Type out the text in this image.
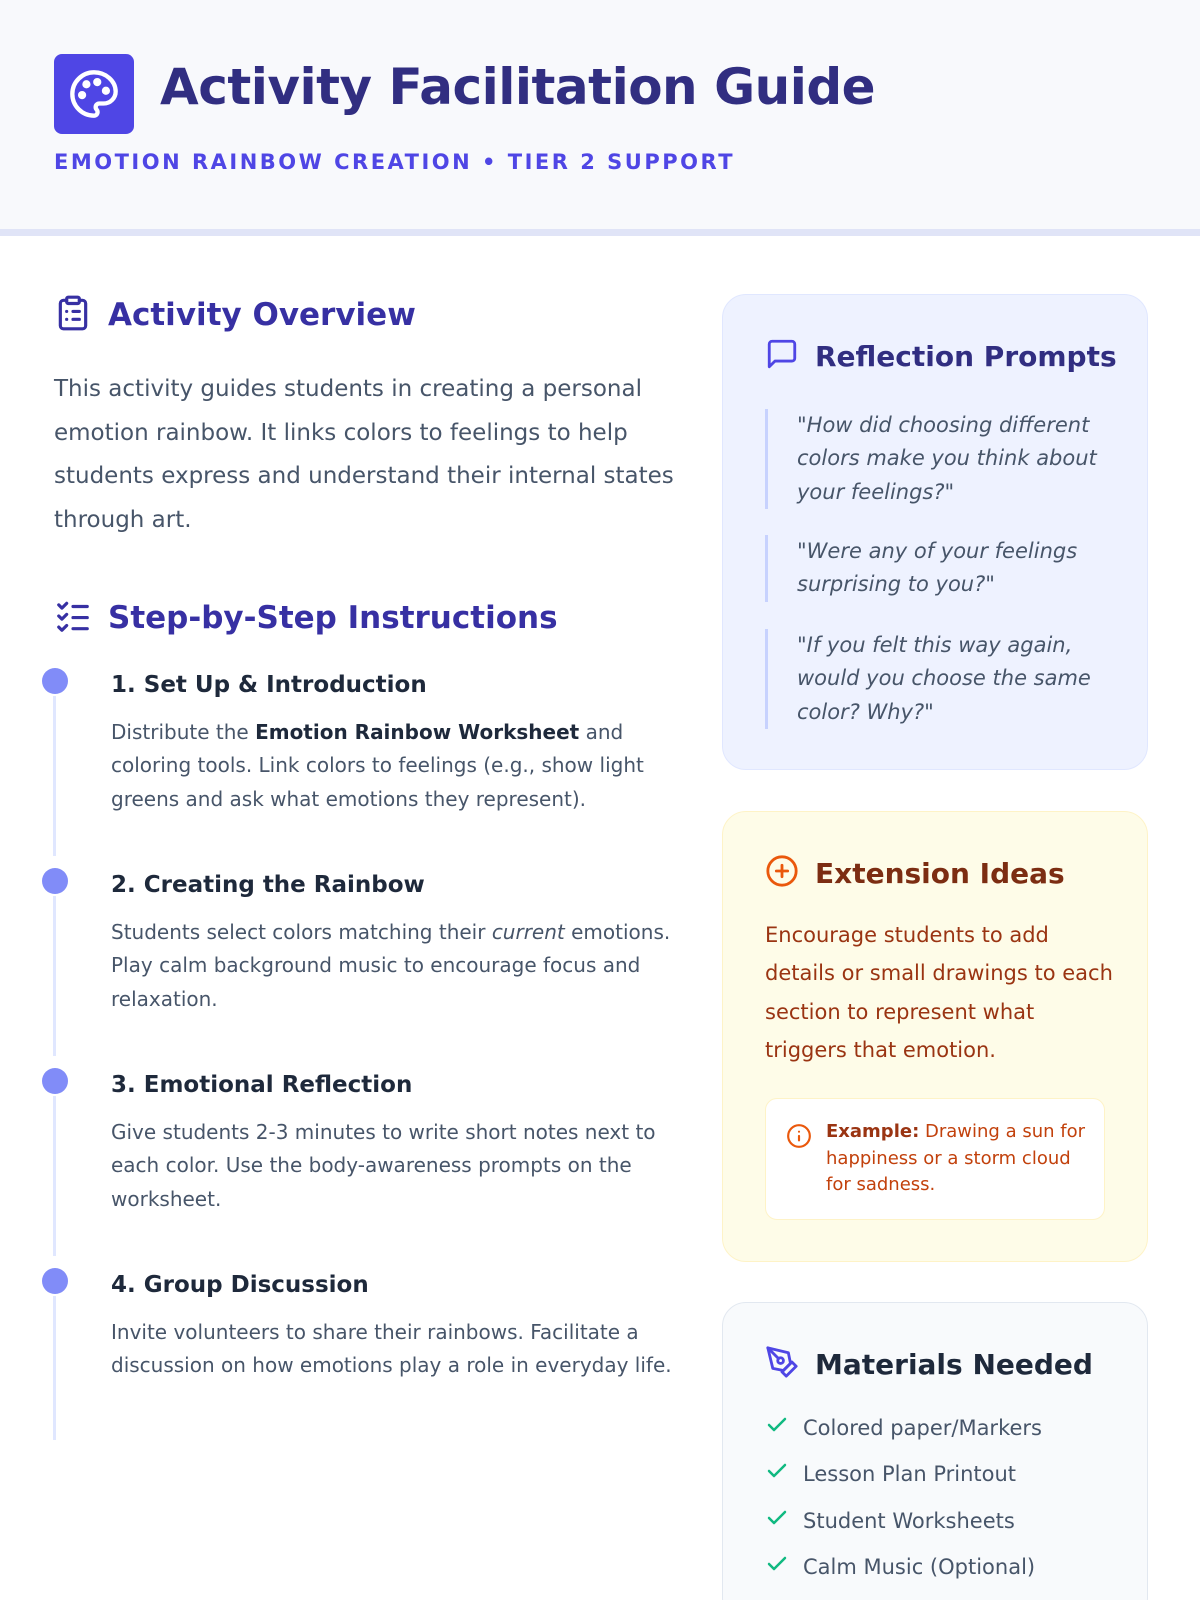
Activity Facilitation Guide
EMOTION RAINBOW CREATION • TIER 2 SUPPORT
Activity Overview
This activity guides students in creating a personal emotion rainbow. It links colors to feelings to help students express and understand their internal states through art.
Step-by-Step Instructions
1. Set Up & Introduction
Distribute the Emotion Rainbow Worksheet and coloring tools. Link colors to feelings (e.g., show light greens and ask what emotions they represent).
2. Creating the Rainbow
Students select colors matching their current emotions. Play calm background music to encourage focus and relaxation.
3. Emotional Reflection
Give students 2-3 minutes to write short notes next to each color. Use the body-awareness prompts on the worksheet.
4. Group Discussion
Invite volunteers to share their rainbows. Facilitate a discussion on how emotions play a role in everyday life.
Reflection Prompts
"How did choosing different colors make you think about your feelings?"
"Were any of your feelings surprising to you?"
"If you felt this way again, would you choose the same color? Why?"
Extension Ideas
Encourage students to add details or small drawings to each section to represent what triggers that emotion.
Example: Drawing a sun for happiness or a storm cloud for sadness.
Materials Needed
Colored paper/Markers
Lesson Plan Printout
Student Worksheets
Calm Music (Optional)
